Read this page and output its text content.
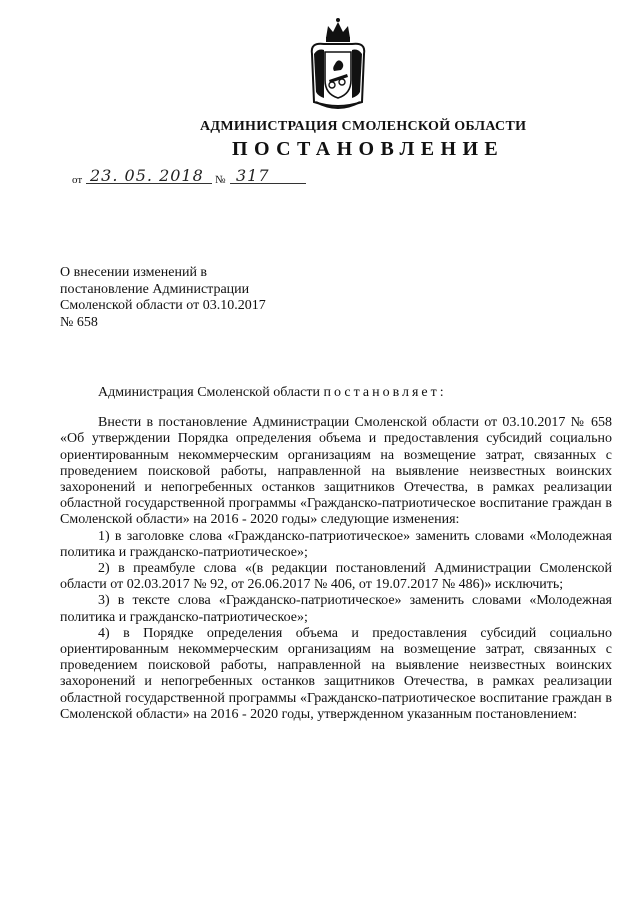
АДМИНИСТРАЦИЯ СМОЛЕНСКОЙ ОБЛАСТИ
ПОСТАНОВЛЕНИЕ
от 23. 05. 2018 № 317
О внесении изменений в
постановление Администрации
Смоленской области от 03.10.2017
№ 658
Администрация Смоленской области постановляет:

Внести в постановление Администрации Смоленской области от 03.10.2017 № 658 «Об утверждении Порядка определения объема и предоставления субсидий социально ориентированным некоммерческим организациям на возмещение затрат, связанных с проведением поисковой работы, направленной на выявление неизвестных воинских захоронений и непогребенных останков защитников Отечества, в рамках реализации областной государственной программы «Гражданско-патриотическое воспитание граждан в Смоленской области» на 2016 - 2020 годы» следующие изменения:

1) в заголовке слова «Гражданско-патриотическое» заменить словами «Молодежная политика и гражданско-патриотическое»;

2) в преамбуле слова «(в редакции постановлений Администрации Смоленской области от 02.03.2017 № 92, от 26.06.2017 № 406, от 19.07.2017 № 486)» исключить;

3) в тексте слова «Гражданско-патриотическое» заменить словами «Молодежная политика и гражданско-патриотическое»;

4) в Порядке определения объема и предоставления субсидий социально ориентированным некоммерческим организациям на возмещение затрат, связанных с проведением поисковой работы, направленной на выявление неизвестных воинских захоронений и непогребенных останков защитников Отечества, в рамках реализации областной государственной программы «Гражданско-патриотическое воспитание граждан в Смоленской области» на 2016 - 2020 годы, утвержденном указанным постановлением:
